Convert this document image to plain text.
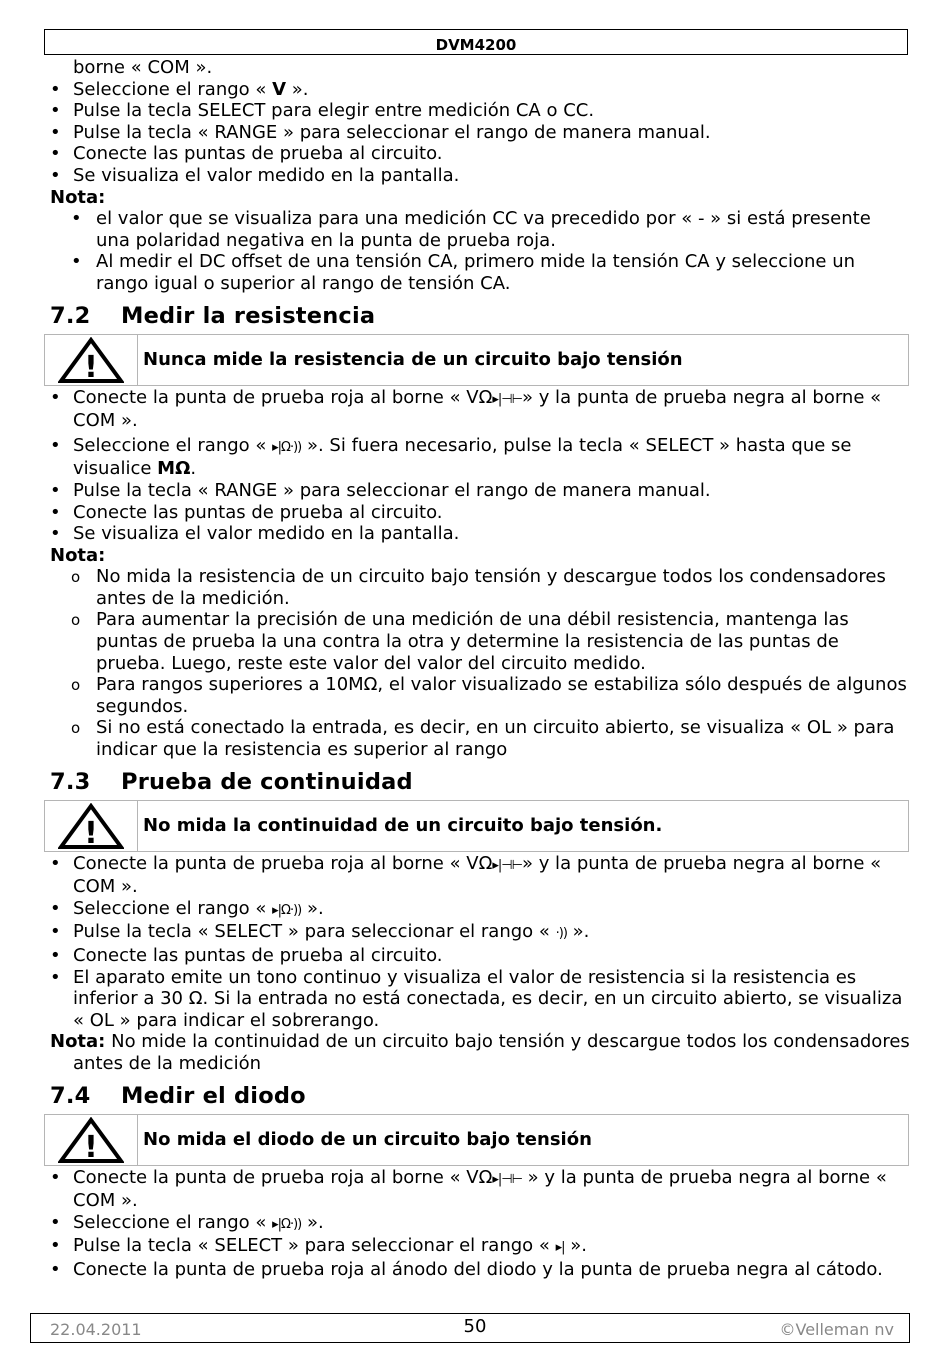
DVM4200

borne « COM ».

• Seleccione el rango « V ».
• Pulse la tecla SELECT para elegir entre medición CA o CC.
• Pulse la tecla « RANGE » para seleccionar el rango de manera manual.
• Conecte las puntas de prueba al circuito.
• Se visualiza el valor medido en la pantalla.

Nota:

• el valor que se visualiza para una medición CC va precedido por « - » si está presente una polaridad negativa en la punta de prueba roja.
• Al medir el DC offset de una tensión CA, primero mide la tensión CA y seleccione un rango igual o superior al rango de tensión CA.
7.2 Medir la resistencia
!	Nunca mide la resistencia de un circuito bajo tensión
• Conecte la punta de prueba roja al borne « VΩ▸|⊣⊢» y la punta de prueba negra al borne « COM ».
• Seleccione el rango « ▸|Ω·)) ». Si fuera necesario, pulse la tecla « SELECT » hasta que se visualice MΩ.
• Pulse la tecla « RANGE » para seleccionar el rango de manera manual.
• Conecte las puntas de prueba al circuito.
• Se visualiza el valor medido en la pantalla.

Nota:

o No mida la resistencia de un circuito bajo tensión y descargue todos los condensadores antes de la medición.
o Para aumentar la precisión de una medición de una débil resistencia, mantenga las puntas de prueba la una contra la otra y determine la resistencia de las puntas de prueba. Luego, reste este valor del valor del circuito medido.
o Para rangos superiores a 10MΩ, el valor visualizado se estabiliza sólo después de algunos segundos.
o Si no está conectado la entrada, es decir, en un circuito abierto, se visualiza « OL » para indicar que la resistencia es superior al rango
7.3 Prueba de continuidad
!	No mida la continuidad de un circuito bajo tensión.
• Conecte la punta de prueba roja al borne « VΩ▸|⊣⊢» y la punta de prueba negra al borne « COM ».
• Seleccione el rango « ▸|Ω·)) ».
• Pulse la tecla « SELECT » para seleccionar el rango « ·)) ».
• Conecte las puntas de prueba al circuito.
• El aparato emite un tono continuo y visualiza el valor de resistencia si la resistencia es inferior a 30 Ω. Si la entrada no está conectada, es decir, en un circuito abierto, se visualiza « OL » para indicar el sobrerango.

Nota: No mide la continuidad de un circuito bajo tensión y descargue todos los condensadores antes de la medición

7.4 Medir el diodo
!	No mida el diodo de un circuito bajo tensión
• Conecte la punta de prueba roja al borne « VΩ▸|⊣⊢ » y la punta de prueba negra al borne « COM ».
• Seleccione el rango « ▸|Ω·)) ».
• Pulse la tecla « SELECT » para seleccionar el rango « ▸| ».
• Conecte la punta de prueba roja al ánodo del diodo y la punta de prueba negra al cátodo.
22.04.2011	50	©Velleman nv
